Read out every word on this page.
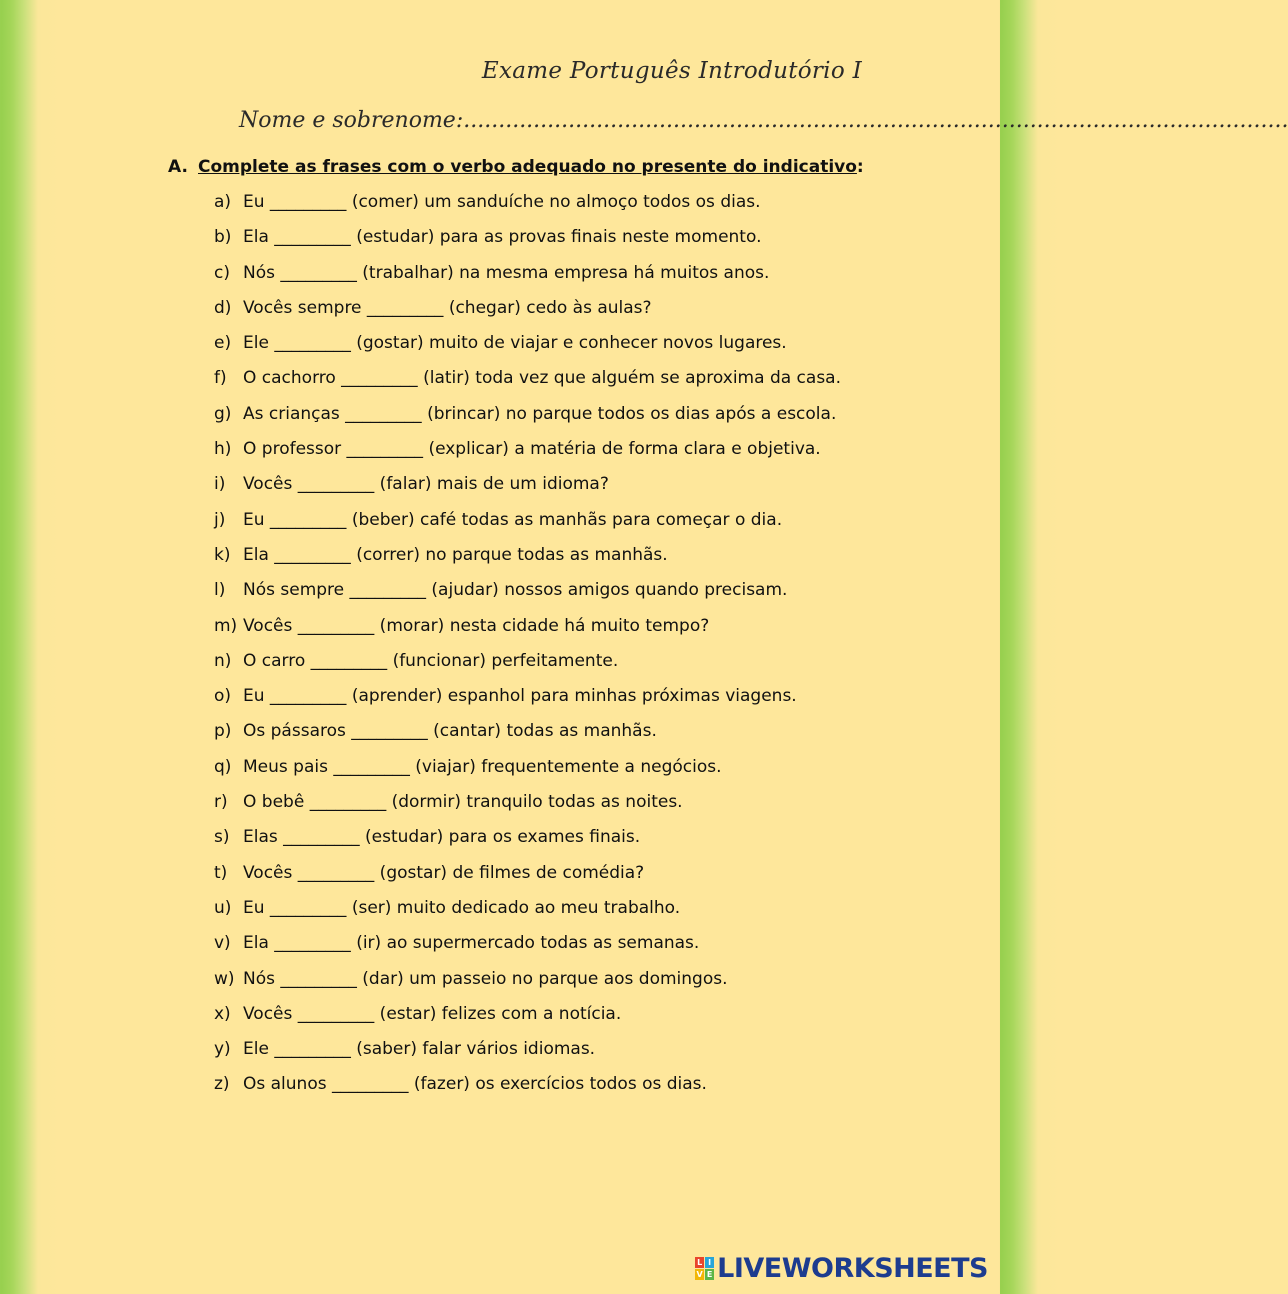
Exame Português Introdutório I
Nome e sobrenome:......................................................................................................................
A. Complete as frases com o verbo adequado no presente do indicativo:
a) Eu _________ (comer) um sanduíche no almoço todos os dias.
b) Ela _________ (estudar) para as provas finais neste momento.
c) Nós _________ (trabalhar) na mesma empresa há muitos anos.
d) Vocês sempre _________ (chegar) cedo às aulas?
e) Ele _________ (gostar) muito de viajar e conhecer novos lugares.
f) O cachorro _________ (latir) toda vez que alguém se aproxima da casa.
g) As crianças _________ (brincar) no parque todos os dias após a escola.
h) O professor _________ (explicar) a matéria de forma clara e objetiva.
i) Vocês _________ (falar) mais de um idioma?
j) Eu _________ (beber) café todas as manhãs para começar o dia.
k) Ela _________ (correr) no parque todas as manhãs.
l) Nós sempre _________ (ajudar) nossos amigos quando precisam.
m) Vocês _________ (morar) nesta cidade há muito tempo?
n) O carro _________ (funcionar) perfeitamente.
o) Eu _________ (aprender) espanhol para minhas próximas viagens.
p) Os pássaros _________ (cantar) todas as manhãs.
q) Meus pais _________ (viajar) frequentemente a negócios.
r) O bebê _________ (dormir) tranquilo todas as noites.
s) Elas _________ (estudar) para os exames finais.
t) Vocês _________ (gostar) de filmes de comédia?
u) Eu _________ (ser) muito dedicado ao meu trabalho.
v) Ela _________ (ir) ao supermercado todas as semanas.
w) Nós _________ (dar) um passeio no parque aos domingos.
x) Vocês _________ (estar) felizes com a notícia.
y) Ele _________ (saber) falar vários idiomas.
z) Os alunos _________ (fazer) os exercícios todos os dias.
L I
V E LIVEWORKSHEETS
